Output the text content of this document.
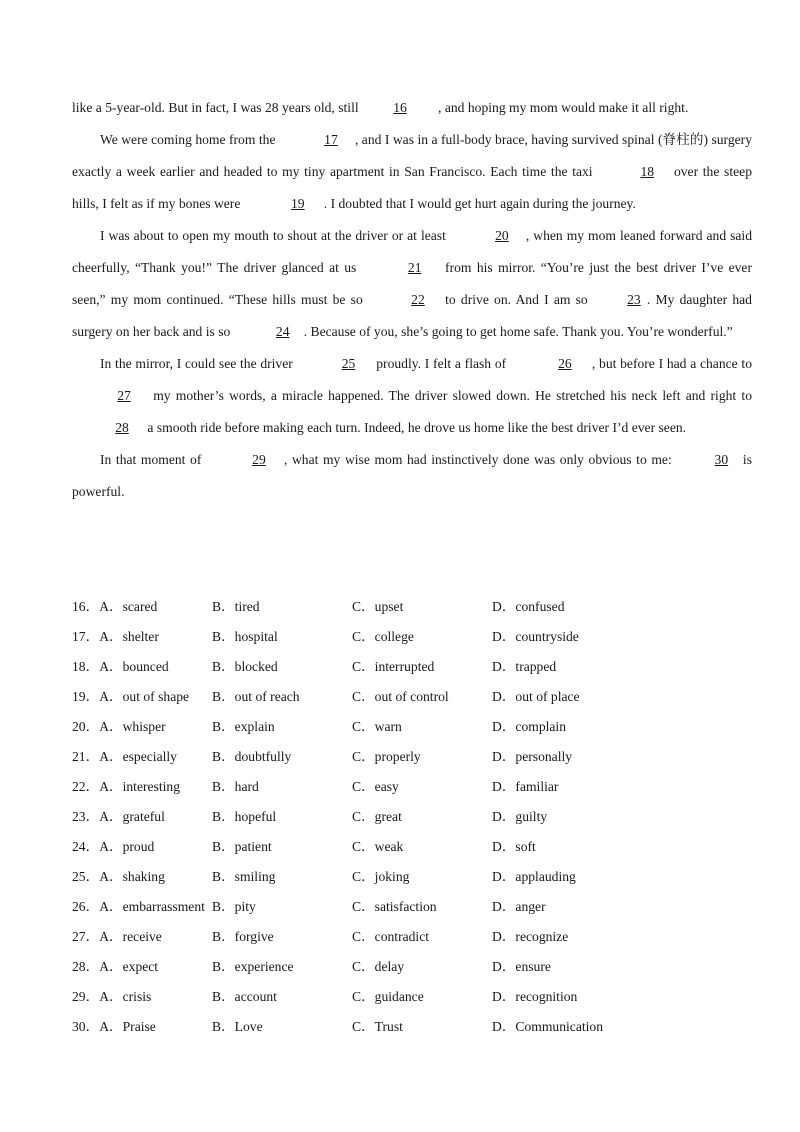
like a 5-year-old. But in fact, I was 28 years old, still 16 , and hoping my mom would make it all right.

We were coming home from the	17 , and I was in a full-body brace, having survived spinal (脊柱的) surgery exactly a week earlier and headed to my tiny apartment in San Francisco. Each time the taxi	18 over the steep hills, I felt as if my bones were	19 . I doubted that I would get hurt again during the journey.

I was about to open my mouth to shout at the driver or at least	20 , when my mom leaned forward and said cheerfully, “Thank you!” The driver glanced at us	21 from his mirror. “You’re just the best driver I’ve ever seen,” my mom continued. “These hills must be so	22 to drive on. And I am so	23 . My daughter had surgery on her back and is so	24 . Because of you, she’s going to get home safe. Thank you. You’re wonderful.”

In the mirror, I could see the driver	25 proudly. I felt a flash of	26 , but before I had a chance to 27 my mother’s words, a miracle happened. The driver slowed down. He stretched his neck left and right to 28 a smooth ride before making each turn. Indeed, he drove us home like the best driver I’d ever seen.

In that moment of	29 , what my wise mom had instinctively done was only obvious to me:	30 is powerful.

16．A．scared	B．tired	C．upset	D．confused
17．A．shelter	B．hospital	C．college	D．countryside
18．A．bounced	B．blocked	C．interrupted	D．trapped
19．A．out of shape B．out of reach	C．out of control	D．out of place
20．A．whisper	B．explain	C．warn	D．complain
21．A．especially	B．doubtfully	C．properly	D．personally
22．A．interesting B．hard	C．easy	D．familiar
23．A．grateful	B．hopeful	C．great	D．guilty
24．A．proud	B．patient	C．weak	D．soft
25．A．shaking	B．smiling	C．joking	D．applauding
26．A．embarrassment B．pity	C．satisfaction	D．anger
27．A．receive	B．forgive	C．contradict	D．recognize
28．A．expect	B．experience	C．delay	D．ensure
29．A．crisis	B．account	C．guidance	D．recognition
30．A．Praise	B．Love	C．Trust	D．Communication
